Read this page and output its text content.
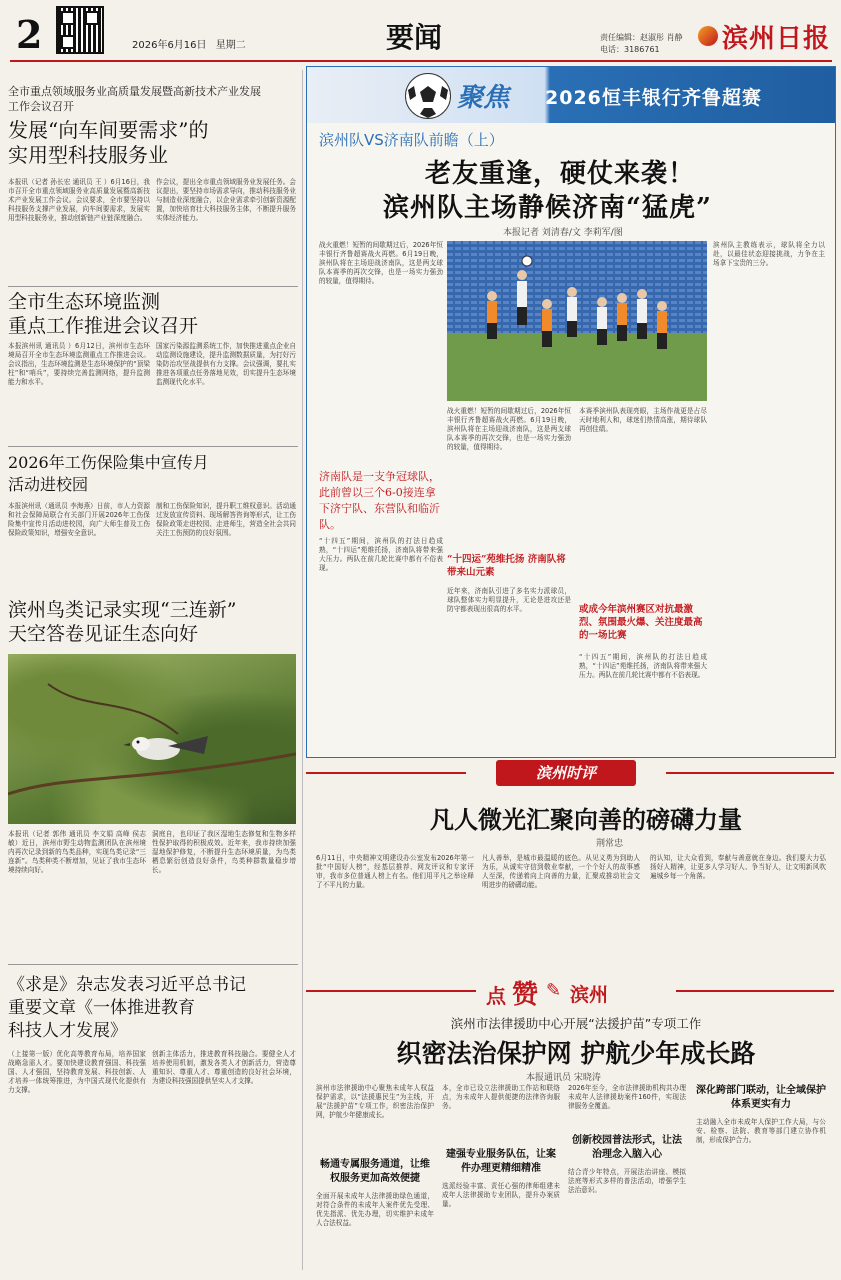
2	2026年6月16日 星期二	要闻	责任编辑：赵淑彤 肖静
电话：3186761 滨州日报
全市重点领域服务业高质量发展暨高新技术产业发展工作会议召开
发展“向车间要需求”的
实用型科技服务业
本报讯（记者 孙长宏 通讯员 王 ）6月16日，我市召开全市重点领域服务业高质量发展暨高新技术产业发展工作会议。会议要求，全市要坚持以科技服务支撑产业发展，向车间要需求，发展实用型科技服务业，推动创新链产业链深度融合。
作会议，提出全市重点领域服务业发展任务。会议提出，要坚持市场需求导向，推动科技服务业与制造业深度融合，以企业需求牵引创新资源配置，加快培育壮大科技服务主体，不断提升服务实体经济能力。
全市生态环境监测
重点工作推进会议召开
本报滨州讯 通讯员 ）6月12日，滨州市生态环境局召开全市生态环境监测重点工作推进会议。会议指出，生态环境监测是生态环境保护的“顶梁柱”和“哨兵”，要持续完善监测网络，提升监测能力和水平。
国家污染源监测系统工作，加快推进重点企业自动监测设施建设，提升监测数据质量，为打好污染防治攻坚战提供有力支撑。会议强调，要扎实推进各项重点任务落地见效，切实提升生态环境监测现代化水平。
2026年工伤保险集中宣传月
活动进校园
本报滨州讯（通讯员 李海燕）日前，市人力资源和社会保障局联合有关部门开展2026年工伤保险集中宣传月活动进校园，向广大师生普及工伤保险政策知识，增强安全意识。
制和工伤保险知识，提升职工维权意识。活动通过发放宣传资料、现场解答咨询等形式，让工伤保险政策走进校园、走进师生，营造全社会共同关注工伤预防的良好氛围。
滨州鸟类记录实现“三连新”
天空答卷见证生态向好
本报讯（记者 郭伟 通讯员 李文娟 高峰 侯志敏）近日，滨州市野生动物监测团队在滨州境内再次记录到新的鸟类品种，实现鸟类记录“三连新”。鸟类种类不断增加，见证了我市生态环境持续向好。
洞庭自，也印证了我区湿地生态修复和生物多样性保护取得的积极成效。近年来，我市持续加强湿地保护修复，不断提升生态环境质量，为鸟类栖息繁衍创造良好条件，鸟类种群数量稳步增长。
《求是》杂志发表习近平总书记
重要文章《一体推进教育
科技人才发展》
（上接第一版）优化高等教育布局，培养国家战略急需人才。要加快建设教育强国、科技强国、人才强国，坚持教育发展、科技创新、人才培养一体统筹推进，为中国式现代化提供有力支撑。
创新主体活力，推进教育科技融合。要健全人才培养使用机制，激发各类人才创新活力，营造尊重知识、尊重人才、尊重创造的良好社会环境，为建设科技强国提供坚实人才支撑。
聚焦 2026恒丰银行齐鲁超赛
滨州队VS济南队前瞻（上）
老友重逢，硬仗来袭！
滨州队主场静候济南“猛虎”
本报记者 刘清春/文 李莉军/图
战火重燃！短暂的间歇期过后，2026年恒丰银行齐鲁超赛战火再燃。6月19日晚，滨州队将在主场迎战济南队，这是两支球队本赛季的再次交锋，也是一场实力强劲的较量，值得期待。
滨州队主教练表示，球队将全力以赴，以最佳状态迎接挑战，力争在主场拿下宝贵的三分。
济南队是一支争冠球队，此前曾以三个6-0接连拿下济宁队、东营队和临沂队。
“十四五”期间，滨州队的打法日趋成熟，“十四运”苑维托扬，济南队将带来强大压力。两队在前几轮比赛中都有不俗表现。
战火重燃！短暂的间歇期过后，2026年恒丰银行齐鲁超赛战火再燃。6月19日晚，滨州队将在主场迎战济南队，这是两支球队本赛季的再次交锋，也是一场实力强劲的较量，值得期待。
“十四运”苑维托扬 济南队将带来山元素
近年来，济南队引进了多名实力派球员，球队整体实力明显提升，无论是进攻还是防守都表现出很高的水平。
本赛季滨州队表现亮眼，主场作战更是占尽天时地利人和，球迷们热情高涨，期待球队再创佳绩。
或成今年滨州赛区对抗最激烈、氛围最火爆、关注度最高的一场比赛
“十四五”期间，滨州队的打法日趋成熟，“十四运”苑维托扬，济南队将带来强大压力。两队在前几轮比赛中都有不俗表现。
滨州时评
凡人微光汇聚向善的磅礴力量
荆常忠
6月11日，中央精神文明建设办公室发布2026年第一批“中国好人榜”，经基层推荐、网友评议和专家评审，我市多位普通人榜上有名。他们用平凡之举诠释了不平凡的力量。
凡人善举，是城市最温暖的底色。从见义勇为到助人为乐，从诚实守信到敬业奉献，一个个好人的故事感人至深，传递着向上向善的力量，汇聚成推动社会文明进步的磅礴动能。
的认知，让大众看到，奉献与善意就在身边。我们要大力弘扬好人精神，让更多人学习好人、争当好人，让文明新风吹遍城乡每一个角落。
点 赞 ✎ 滨州
滨州市法律援助中心开展“法援护苗”专项工作
织密法治保护网 护航少年成长路
本报通讯员 宋晓涛
滨州市法律援助中心聚焦未成年人权益保护需求，以“法援惠民生”为主线，开展“法援护苗”专项工作，织密法治保护网，护航少年健康成长。
畅通专属服务通道，让维权服务更加高效便捷
全面开展未成年人法律援助绿色通道，对符合条件的未成年人案件优先受理、优先指派、优先办理，切实维护未成年人合法权益。
本，全市已设立法律援助工作站和联络点，为未成年人提供便捷的法律咨询服务。
建强专业服务队伍，让案件办理更精细精准
选派经验丰富、责任心强的律师组建未成年人法律援助专业团队，提升办案质量。
2026年至今，全市法律援助机构共办理未成年人法律援助案件160件，实现法律服务全覆盖。
创新校园普法形式，让法治理念入脑入心
结合青少年特点，开展法治讲座、模拟法庭等形式多样的普法活动，增强学生法治意识。
深化跨部门联动，让全域保护体系更实有力
主动融入全市未成年人保护工作大局，与公安、检察、法院、教育等部门建立协作机制，形成保护合力。
